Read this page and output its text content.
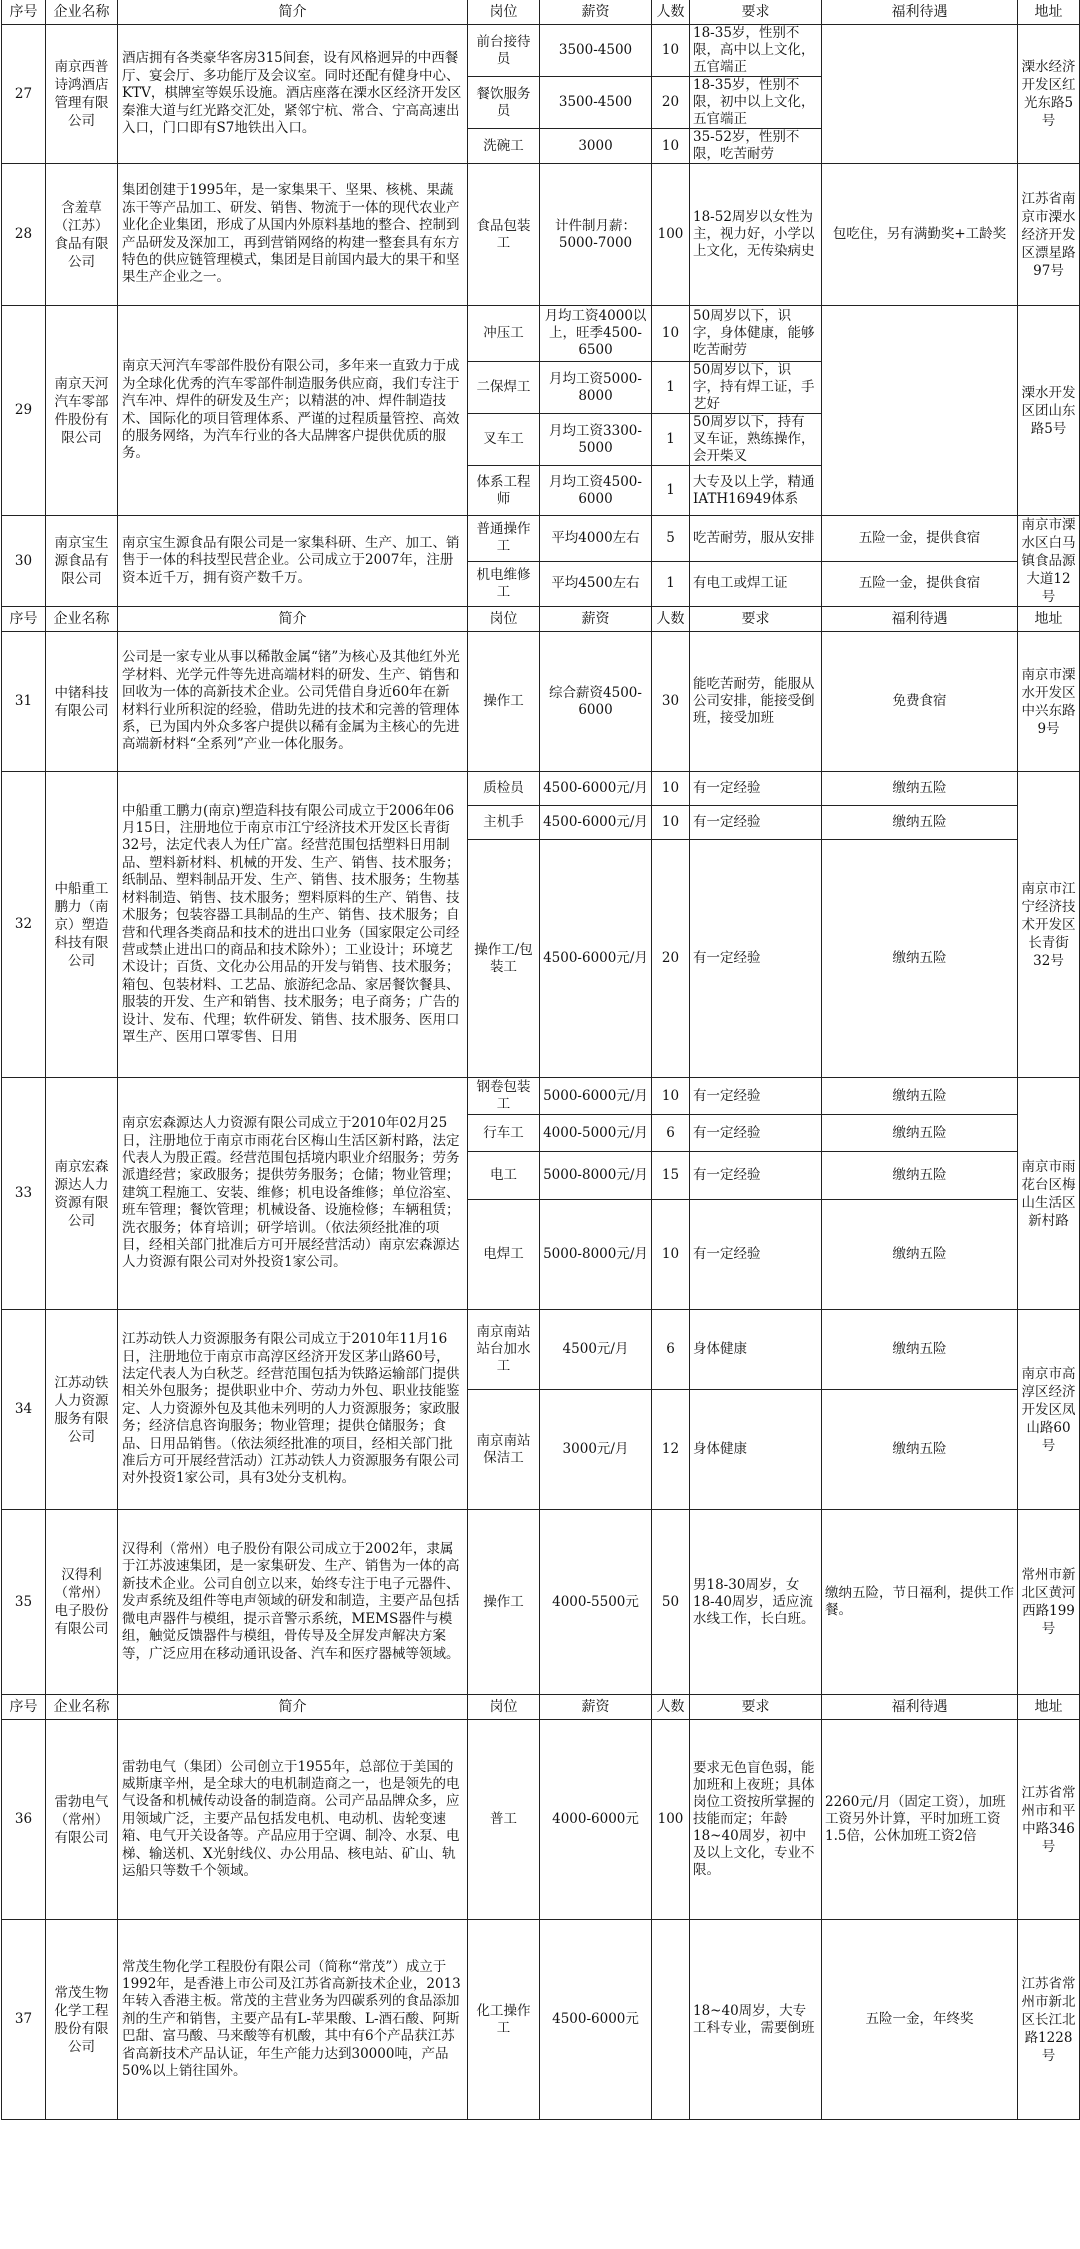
序号	企业名称	简介	岗位	薪资	人数	要求	福利待遇	地址
27	南京西普诗鸿酒店管理有限公司	酒店拥有各类豪华客房315间套，设有风格迥异的中西餐厅、宴会厅、多功能厅及会议室。同时还配有健身中心、KTV，棋牌室等娱乐设施。酒店座落在溧水区经济开发区秦淮大道与红光路交汇处，紧邻宁杭、常合、宁高高速出入口，门口即有S7地铁出入口。	前台接待员	3500-4500	10	18-35岁，性别不限，高中以上文化，五官端正		溧水经济开发区红光东路5号
			餐饮服务员	3500-4500	20	18-35岁，性别不限，初中以上文化，五官端正		
			洗碗工	3000	10	35-52岁，性别不限，吃苦耐劳		
28	含羞草（江苏）食品有限公司	集团创建于1995年，是一家集果干、坚果、核桃、果蔬冻干等产品加工、研发、销售、物流于一体的现代农业产业化企业集团，形成了从国内外原料基地的整合、控制到产品研发及深加工，再到营销网络的构建一整套具有东方特色的供应链管理模式，集团是目前国内最大的果干和坚果生产企业之一。	食品包装工	计件制月薪：5000-7000	100	18-52周岁以女性为主，视力好，小学以上文化，无传染病史	包吃住，另有满勤奖+工龄奖	江苏省南京市溧水经济开发区漂星路97号
29	南京天河汽车零部件股份有限公司	南京天河汽车零部件股份有限公司，多年来一直致力于成为全球化优秀的汽车零部件制造服务供应商，我们专注于汽车冲、焊件的研发及生产；以精湛的冲、焊件制造技术、国际化的项目管理体系、严谨的过程质量管控、高效的服务网络，为汽车行业的各大品牌客户提供优质的服务。	冲压工	月均工资4000以上，旺季4500-6500	10	50周岁以下，识字，身体健康，能够吃苦耐劳		溧水开发区团山东路5号
			二保焊工	月均工资5000-8000	1	50周岁以下，识字，持有焊工证，手艺好		
			叉车工	月均工资3300-5000	1	50周岁以下，持有叉车证，熟练操作，会开柴叉		
			体系工程师	月均工资4500-6000	1	大专及以上学，精通IATH16949体系		
30	南京宝生源食品有限公司	南京宝生源食品有限公司是一家集科研、生产、加工、销售于一体的科技型民营企业。公司成立于2007年，注册资本近千万，拥有资产数千万。	普通操作工	平均4000左右	5	吃苦耐劳，服从安排	五险一金，提供食宿	南京市溧水区白马镇食品源大道12号
			机电维修工	平均4500左右	1	有电工或焊工证	五险一金，提供食宿	
序号	企业名称	简介	岗位	薪资	人数	要求	福利待遇	地址
31	中锗科技有限公司	公司是一家专业从事以稀散金属“锗”为核心及其他红外光学材料、光学元件等先进高端材料的研发、生产、销售和回收为一体的高新技术企业。公司凭借自身近60年在新材料行业所积淀的经验，借助先进的技术和完善的管理体系，已为国内外众多客户提供以稀有金属为主核心的先进高端新材料“全系列”产业一体化服务。	操作工	综合薪资4500-6000	30	能吃苦耐劳，能服从公司安排，能接受倒班，接受加班	免费食宿	南京市溧水开发区中兴东路9号
32	中船重工鹏力（南京）塑造科技有限公司	中船重工鹏力(南京)塑造科技有限公司成立于2006年06月15日，注册地位于南京市江宁经济技术开发区长青街32号，法定代表人为任广富。经营范围包括塑料日用制品、塑料新材料、机械的开发、生产、销售、技术服务；纸制品、塑料制品开发、生产、销售、技术服务；生物基材料制造、销售、技术服务；塑料原料的生产、销售、技术服务；包装容器工具制品的生产、销售、技术服务；自营和代理各类商品和技术的进出口业务（国家限定公司经营或禁止进出口的商品和技术除外）；工业设计；环境艺术设计；百货、文化办公用品的开发与销售、技术服务；箱包、包装材料、工艺品、旅游纪念品、家居餐饮餐具、服装的开发、生产和销售、技术服务；电子商务；广告的设计、发布、代理；软件研发、销售、技术服务、医用口罩生产、医用口罩零售、日用	质检员	4500-6000元/月	10	有一定经验	缴纳五险	南京市江宁经济技术开发区长青街32号
			主机手	4500-6000元/月	10	有一定经验	缴纳五险	
			操作工/包装工	4500-6000元/月	20	有一定经验	缴纳五险	
33	南京宏森源达人力资源有限公司	南京宏森源达人力资源有限公司成立于2010年02月25日，注册地位于南京市雨花台区梅山生活区新村路，法定代表人为殷正霞。经营范围包括境内职业介绍服务；劳务派遣经营；家政服务；提供劳务服务；仓储；物业管理；建筑工程施工、安装、维修；机电设备维修；单位浴室、班车管理；餐饮管理；机械设备、设施检修；车辆租赁；洗衣服务；体育培训；研学培训。（依法须经批准的项目，经相关部门批准后方可开展经营活动）南京宏森源达人力资源有限公司对外投资1家公司。	钢卷包装工	5000-6000元/月	10	有一定经验	缴纳五险	南京市雨花台区梅山生活区新村路
			行车工	4000-5000元/月	6	有一定经验	缴纳五险	
			电工	5000-8000元/月	15	有一定经验	缴纳五险	
			电焊工	5000-8000元/月	10	有一定经验	缴纳五险	
34	江苏动铁人力资源服务有限公司	江苏动铁人力资源服务有限公司成立于2010年11月16日，注册地位于南京市高淳区经济开发区茅山路60号，法定代表人为白秋芝。经营范围包括为铁路运输部门提供相关外包服务；提供职业中介、劳动力外包、职业技能鉴定、人力资源外包及其他未列明的人力资源服务；家政服务；经济信息咨询服务；物业管理；提供仓储服务；食品、日用品销售。（依法须经批准的项目，经相关部门批准后方可开展经营活动）江苏动铁人力资源服务有限公司对外投资1家公司，具有3处分支机构。	南京南站站台加水工	4500元/月	6	身体健康	缴纳五险	南京市高淳区经济开发区凤山路60号
			南京南站保洁工	3000元/月	12	身体健康	缴纳五险	
35	汉得利（常州）电子股份有限公司	汉得利（常州）电子股份有限公司成立于2002年，隶属于江苏波速集团，是一家集研发、生产、销售为一体的高新技术企业。公司自创立以来，始终专注于电子元器件、发声系统及组件等电声领域的研发和制造，主要产品包括微电声器件与模组，提示音警示系统，MEMS器件与模组，触觉反馈器件与模组，骨传导及全屏发声解决方案等，广泛应用在移动通讯设备、汽车和医疗器械等领域。	操作工	4000-5500元	50	男18-30周岁，女18-40周岁，适应流水线工作，长白班。	缴纳五险，节日福利，提供工作餐。	常州市新北区黄河西路199号
序号	企业名称	简介	岗位	薪资	人数	要求	福利待遇	地址
36	雷勃电气（常州）有限公司	雷勃电气（集团）公司创立于1955年，总部位于美国的威斯康辛州，是全球大的电机制造商之一，也是领先的电气设备和机械传动设备的制造商。公司产品品牌众多，应用领域广泛，主要产品包括发电机、电动机、齿轮变速箱、电气开关设备等。产品应用于空调、制冷、水泵、电梯、输送机、X光射线仪、办公用品、核电站、矿山、轨运船只等数千个领域。	普工	4000-6000元	100	要求无色盲色弱，能加班和上夜班；具体岗位工资按所掌握的技能而定；年龄18~40周岁，初中及以上文化，专业不限。	2260元/月（固定工资），加班工资另外计算，平时加班工资1.5倍，公休加班工资2倍	江苏省常州市和平中路346号
37	常茂生物化学工程股份有限公司	常茂生物化学工程股份有限公司（简称“常茂”）成立于1992年，是香港上市公司及江苏省高新技术企业，2013年转入香港主板。常茂的主营业务为四碳系列的食品添加剂的生产和销售，主要产品有L-苹果酸、L-酒石酸、阿斯巴甜、富马酸、马来酸等有机酸，其中有6个产品获江苏省高新技术产品认证，年生产能力达到30000吨，产品50%以上销往国外。	化工操作工	4500-6000元		18~40周岁，大专工科专业，需要倒班	五险一金，年终奖	江苏省常州市新北区长江北路1228号
